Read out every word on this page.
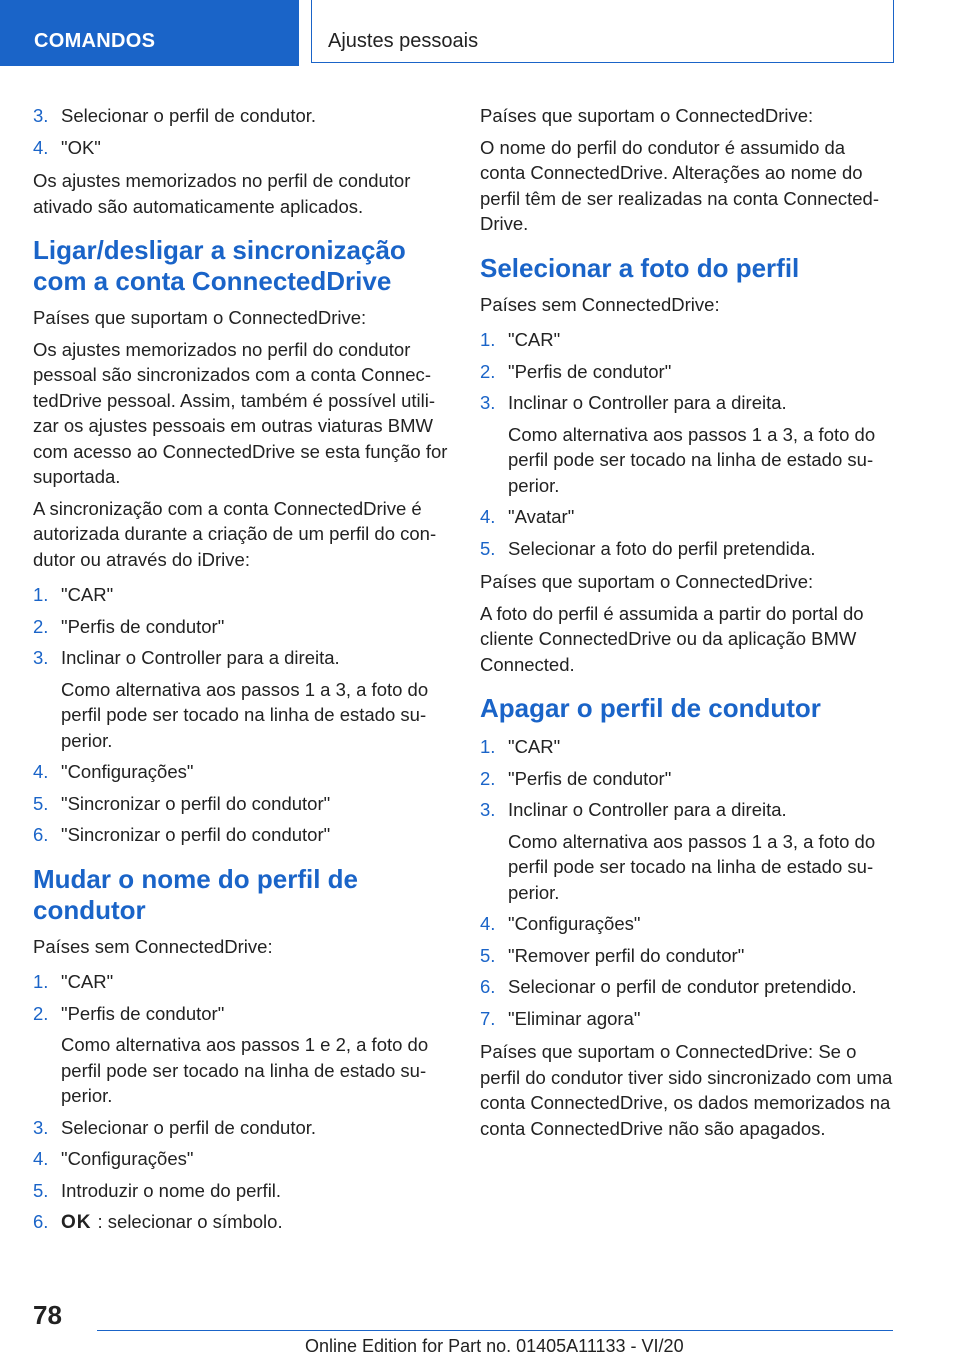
COMANDOS	Ajustes pessoais
3. Selecionar o perfil de condutor.
4. "OK"

Os ajustes memorizados no perfil de condutor ativado são automaticamente aplicados.

Ligar/desligar a sincronização com a conta ConnectedDrive

Países que suportam o ConnectedDrive:

Os ajustes memorizados no perfil do condutor pessoal são sincronizados com a conta ConnectedDrive pessoal. Assim, também é possível utilizar os ajustes pessoais em outras viaturas BMW com acesso ao ConnectedDrive se esta função for suportada.

A sincronização com a conta ConnectedDrive é autorizada durante a criação de um perfil do condutor ou através do iDrive:

1. "CAR"
2. "Perfis de condutor"
3. Inclinar o Controller para a direita.

Como alternativa aos passos 1 a 3, a foto do perfil pode ser tocado na linha de estado superior.

4. "Configurações"
5. "Sincronizar o perfil do condutor"
6. "Sincronizar o perfil do condutor"
Mudar o nome do perfil de condutor

Países sem ConnectedDrive:

1. "CAR"
2. "Perfis de condutor"

Como alternativa aos passos 1 e 2, a foto do perfil pode ser tocado na linha de estado superior.

3. Selecionar o perfil de condutor.
4. "Configurações"
5. Introduzir o nome do perfil.
6. OK : selecionar o símbolo.

Países que suportam o ConnectedDrive:

O nome do perfil do condutor é assumido da conta ConnectedDrive. Alterações ao nome do perfil têm de ser realizadas na conta ConnectedDrive.

Selecionar a foto do perfil

Países sem ConnectedDrive:

1. "CAR"
2. "Perfis de condutor"
3. Inclinar o Controller para a direita.

Como alternativa aos passos 1 a 3, a foto do perfil pode ser tocado na linha de estado superior.

4. "Avatar"
5. Selecionar a foto do perfil pretendida.

Países que suportam o ConnectedDrive:

A foto do perfil é assumida a partir do portal do cliente ConnectedDrive ou da aplicação BMW Connected.

Apagar o perfil de condutor
1. "CAR"
2. "Perfis de condutor"
3. Inclinar o Controller para a direita.

Como alternativa aos passos 1 a 3, a foto do perfil pode ser tocado na linha de estado superior.

4. "Configurações"
5. "Remover perfil do condutor"
6. Selecionar o perfil de condutor pretendido.
7. "Eliminar agora"

Países que suportam o ConnectedDrive: Se o perfil do condutor tiver sido sincronizado com uma conta ConnectedDrive, os dados memorizados na conta ConnectedDrive não são apagados.

78
Online Edition for Part no. 01405A11133 - VI/20
